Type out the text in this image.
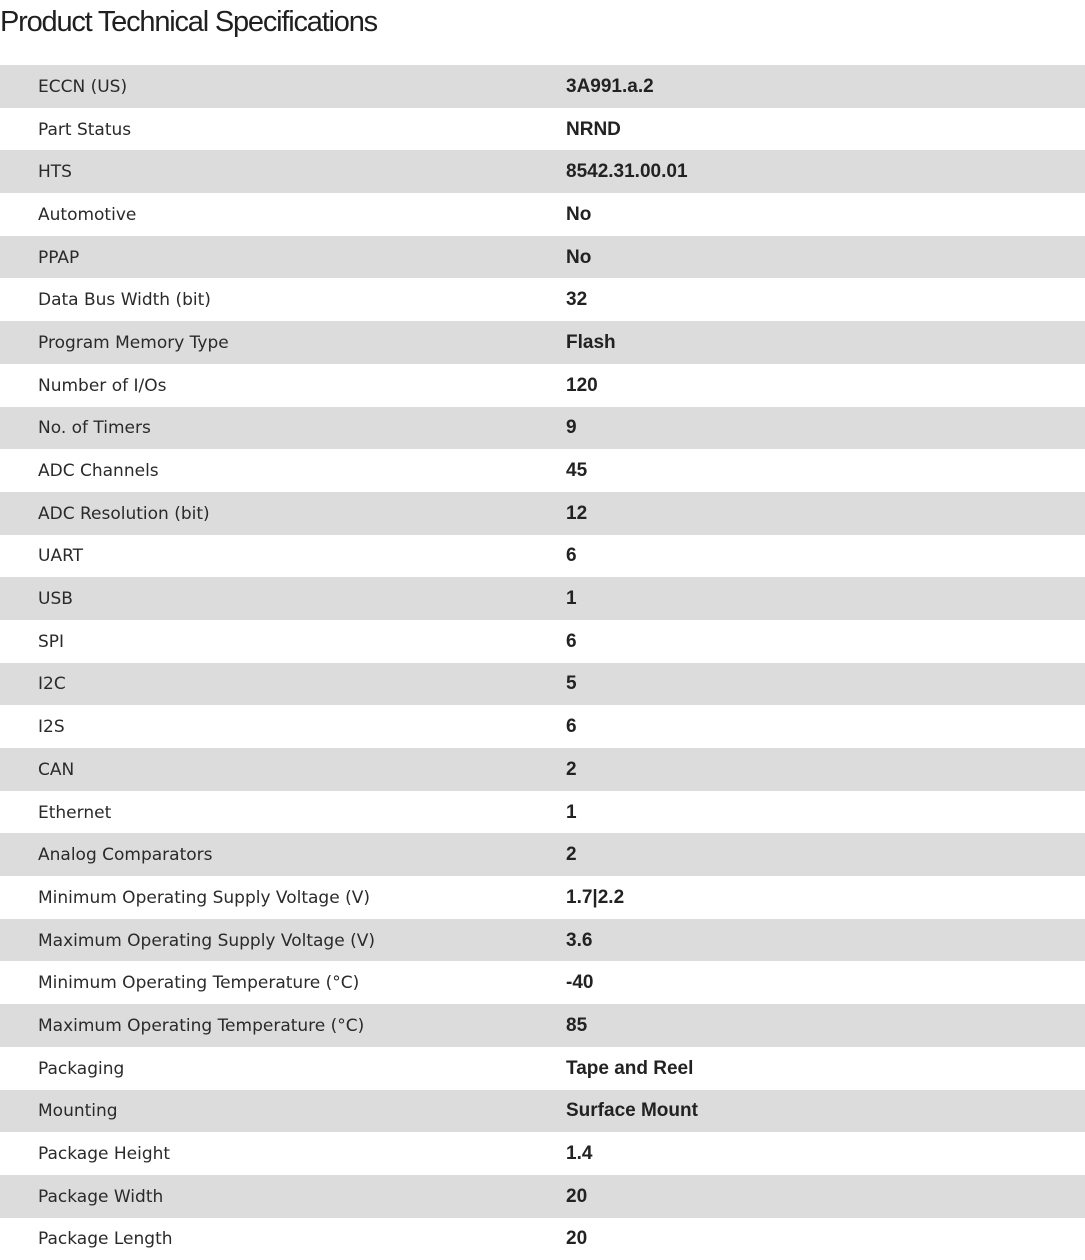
Product Technical Specifications
ECCN (US)	3A991.a.2
Part Status	NRND
HTS	8542.31.00.01
Automotive	No
PPAP	No
Data Bus Width (bit)	32
Program Memory Type	Flash
Number of I/Os	120
No. of Timers	9
ADC Channels	45
ADC Resolution (bit)	12
UART	6
USB	1
SPI	6
I2C	5
I2S	6
CAN	2
Ethernet	1
Analog Comparators	2
Minimum Operating Supply Voltage (V)	1.7|2.2
Maximum Operating Supply Voltage (V)	3.6
Minimum Operating Temperature (°C)	-40
Maximum Operating Temperature (°C)	85
Packaging	Tape and Reel
Mounting	Surface Mount
Package Height	1.4
Package Width	20
Package Length	20
